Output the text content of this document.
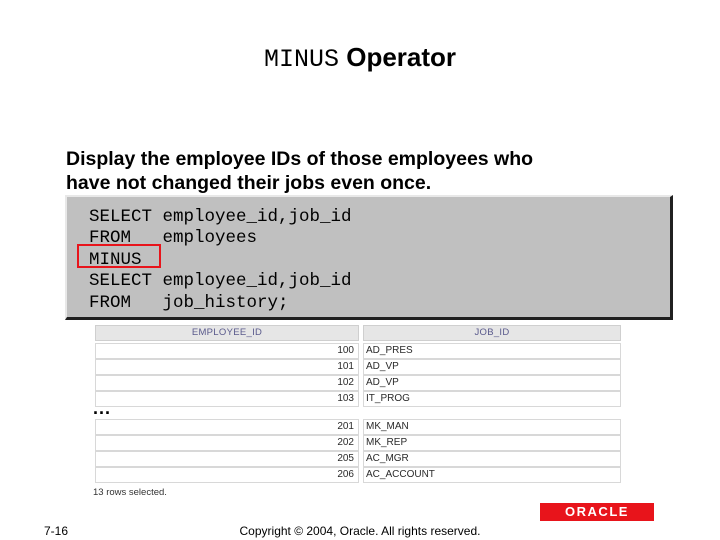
MINUS Operator
Display the employee IDs of those employees who
have not changed their jobs even once.
SELECT employee_id,job_id
FROM   employees
MINUS
SELECT employee_id,job_id
FROM   job_history;
EMPLOYEE_ID	JOB_ID
100	AD_PRES
101	AD_VP
102	AD_VP
103	IT_PROG
201	MK_MAN
202	MK_REP
205	AC_MGR
206	AC_ACCOUNT
...
13 rows selected.
ORACLE
7-16	Copyright © 2004, Oracle. All rights reserved.
